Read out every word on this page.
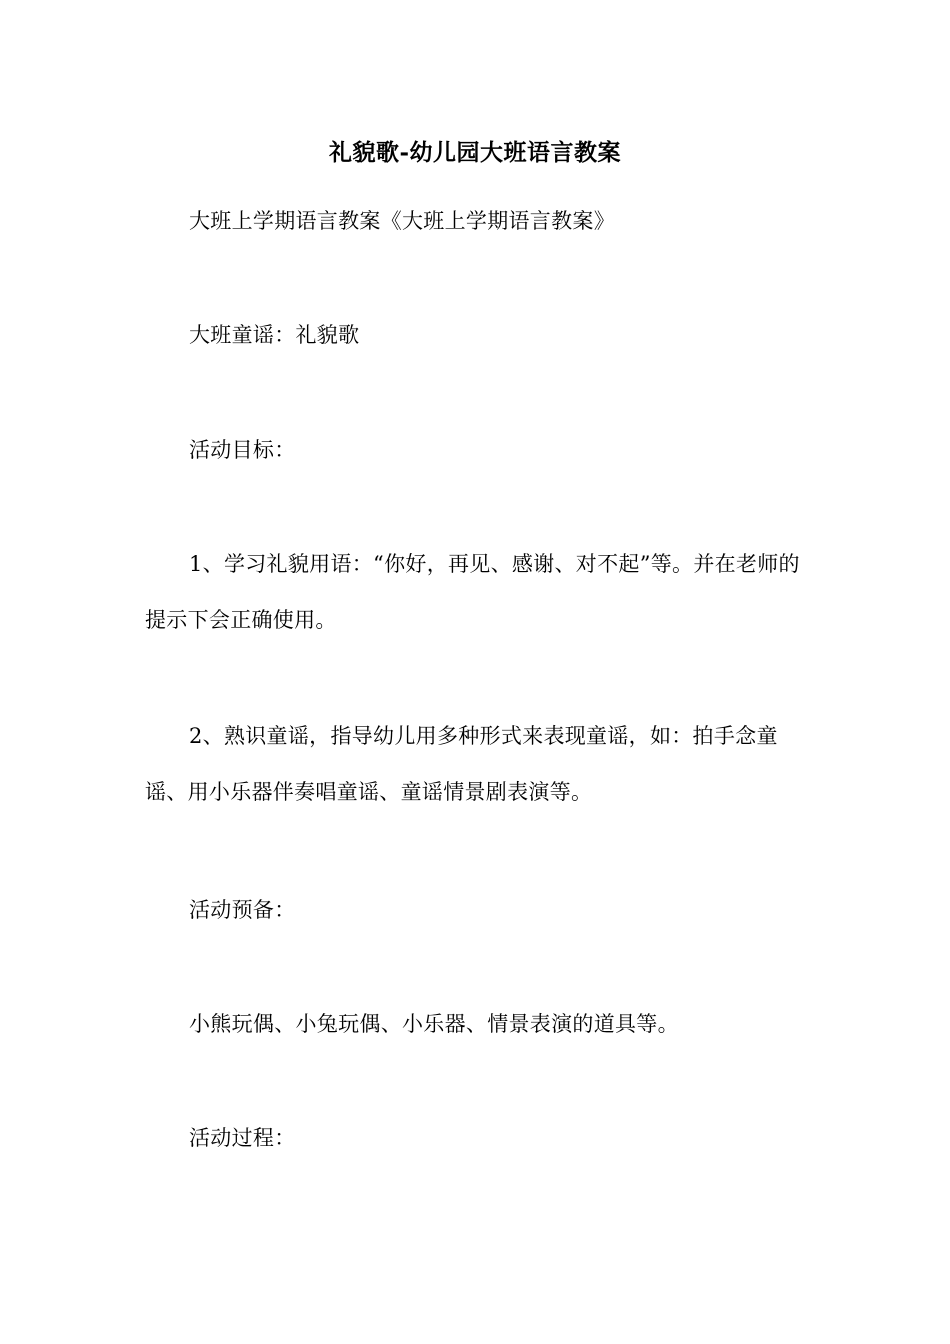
礼貌歌-幼儿园大班语言教案

大班上学期语言教案《大班上学期语言教案》

大班童谣：礼貌歌

活动目标：

1、学习礼貌用语：“你好，再见、感谢、对不起”等。并在老师的提示下会正确使用。

2、熟识童谣，指导幼儿用多种形式来表现童谣，如：拍手念童谣、用小乐器伴奏唱童谣、童谣情景剧表演等。

活动预备：

小熊玩偶、小兔玩偶、小乐器、情景表演的道具等。

活动过程：
